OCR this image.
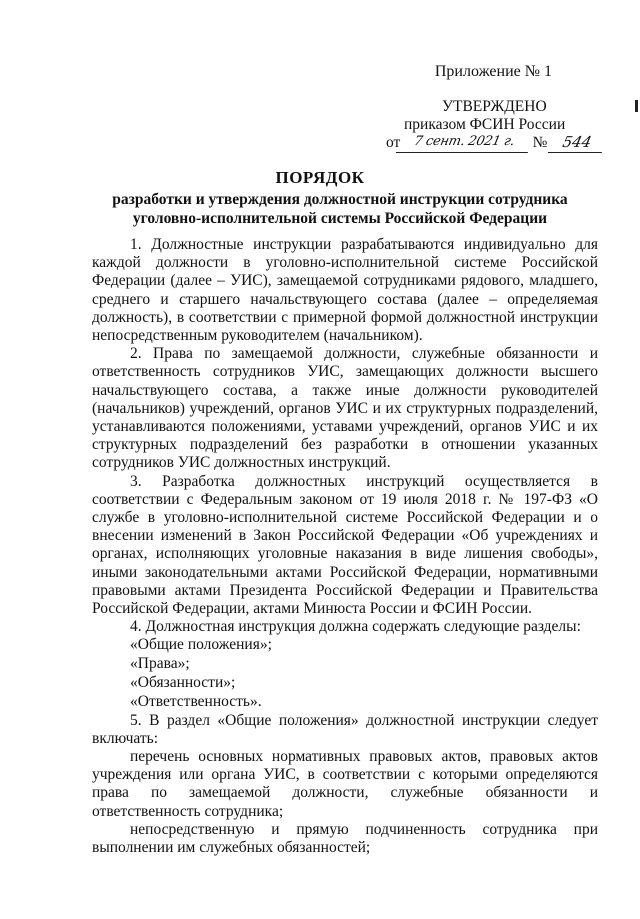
Приложение № 1
УТВЕРЖДЕНО
приказом ФСИН России
от 7 сент. 2021 г. № 544
ПОРЯДОК
разработки и утверждения должностной инструкции сотрудника
уголовно-исполнительной системы Российской Федерации

1. Должностные инструкции разрабатываются индивидуально для каждой должности в уголовно-исполнительной системе Российской Федерации (далее – УИС), замещаемой сотрудниками рядового, младшего, среднего и старшего начальствующего состава (далее – определяемая должность), в соответствии с примерной формой должностной инструкции непосредственным руководителем (начальником).

2. Права по замещаемой должности, служебные обязанности и ответственность сотрудников УИС, замещающих должности высшего начальствующего состава, а также иные должности руководителей (начальников) учреждений, органов УИС и их структурных подразделений, устанавливаются положениями, уставами учреждений, органов УИС и их структурных подразделений без разработки в отношении указанных сотрудников УИС должностных инструкций.

3. Разработка должностных инструкций осуществляется в соответствии с Федеральным законом от 19 июля 2018 г. № 197-ФЗ «О службе в уголовно-исполнительной системе Российской Федерации и о внесении изменений в Закон Российской Федерации «Об учреждениях и органах, исполняющих уголовные наказания в виде лишения свободы», иными законодательными актами Российской Федерации, нормативными правовыми актами Президента Российской Федерации и Правительства Российской Федерации, актами Минюста России и ФСИН России.

4. Должностная инструкция должна содержать следующие разделы:

«Общие положения»;
«Права»;
«Обязанности»;
«Ответственность».

5. В раздел «Общие положения» должностной инструкции следует включать:

перечень основных нормативных правовых актов, правовых актов учреждения или органа УИС, в соответствии с которыми определяются права по замещаемой должности, служебные обязанности и ответственность сотрудника;

непосредственную и прямую подчиненность сотрудника при выполнении им служебных обязанностей;
